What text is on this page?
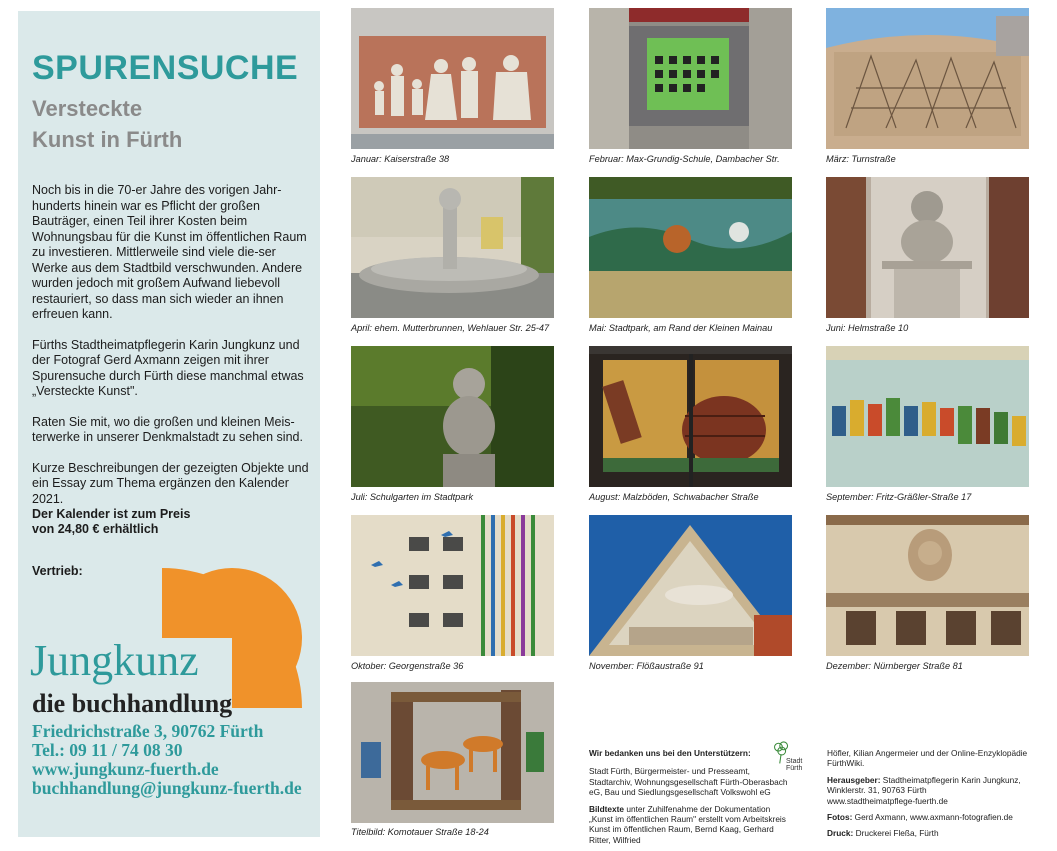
SPURENSUCHE
Versteckte
Kunst in Fürth

Noch bis in die 70-er Jahre des vorigen Jahr-hunderts hinein war es Pflicht der großen Bauträger, einen Teil ihrer Kosten beim Wohnungsbau für die Kunst im öffentlichen Raum zu investieren. Mittlerweile sind viele die-ser Werke aus dem Stadtbild verschwunden. Andere wurden jedoch mit großem Aufwand liebevoll restauriert, so dass man sich wieder an ihnen erfreuen kann.

Fürths Stadtheimatpflegerin Karin Jungkunz und der Fotograf Gerd Axmann zeigen mit ihrer Spurensuche durch Fürth diese manchmal etwas „Versteckte Kunst".

Raten Sie mit, wo die großen und kleinen Meis-terwerke in unserer Denkmalstadt zu sehen sind.

Kurze Beschreibungen der gezeigten Objekte und ein Essay zum Thema ergänzen den Kalender 2021.

Der Kalender ist zum Preis
von 24,80 € erhältlich
Vertrieb:
Jungkunz
die buchhandlung
Friedrichstraße 3, 90762 Fürth
Tel.: 09 11 / 74 08 30
www.jungkunz-fuerth.de
buchhandlung@jungkunz-fuerth.de
Januar: Kaiserstraße 38	Februar: Max-Grundig-Schule, Dambacher Str.	März: Turnstraße
April: ehem. Mutterbrunnen, Wehlauer Str. 25-47	Mai: Stadtpark, am Rand der Kleinen Mainau	Juni: Helmstraße 10
Juli: Schulgarten im Stadtpark	August: Malzböden, Schwabacher Straße	September: Fritz-Gräßler-Straße 17
Oktober: Georgenstraße 36	November: Flößaustraße 91	Dezember: Nürnberger Straße 81
Titelbild: Komotauer Straße 18-24

Wir bedanken uns bei den Unterstützern:

Stadt Fürth, Bürgermeister- und Presseamt, Stadtarchiv, Wohnungsgesellschaft Fürth-Oberasbach eG, Bau und Siedlungsgesellschaft Volkswohl eG

Bildtexte unter Zuhilfenahme der Dokumentation „Kunst im öffentlichen Raum" erstellt vom Arbeitskreis Kunst im öffentlichen Raum, Bernd Kaag, Gerhard Ritter, Wilfried

Stadt
Fürth

Höfler, Kilian Angermeier und der Online-Enzyklopädie FürthWiki.

Herausgeber: Stadtheimatpflegerin Karin Jungkunz, Winklerstr. 31, 90763 Fürth
www.stadtheimatpflege-fuerth.de

Fotos: Gerd Axmann, www.axmann-fotografien.de

Druck: Druckerei Fleßa, Fürth
